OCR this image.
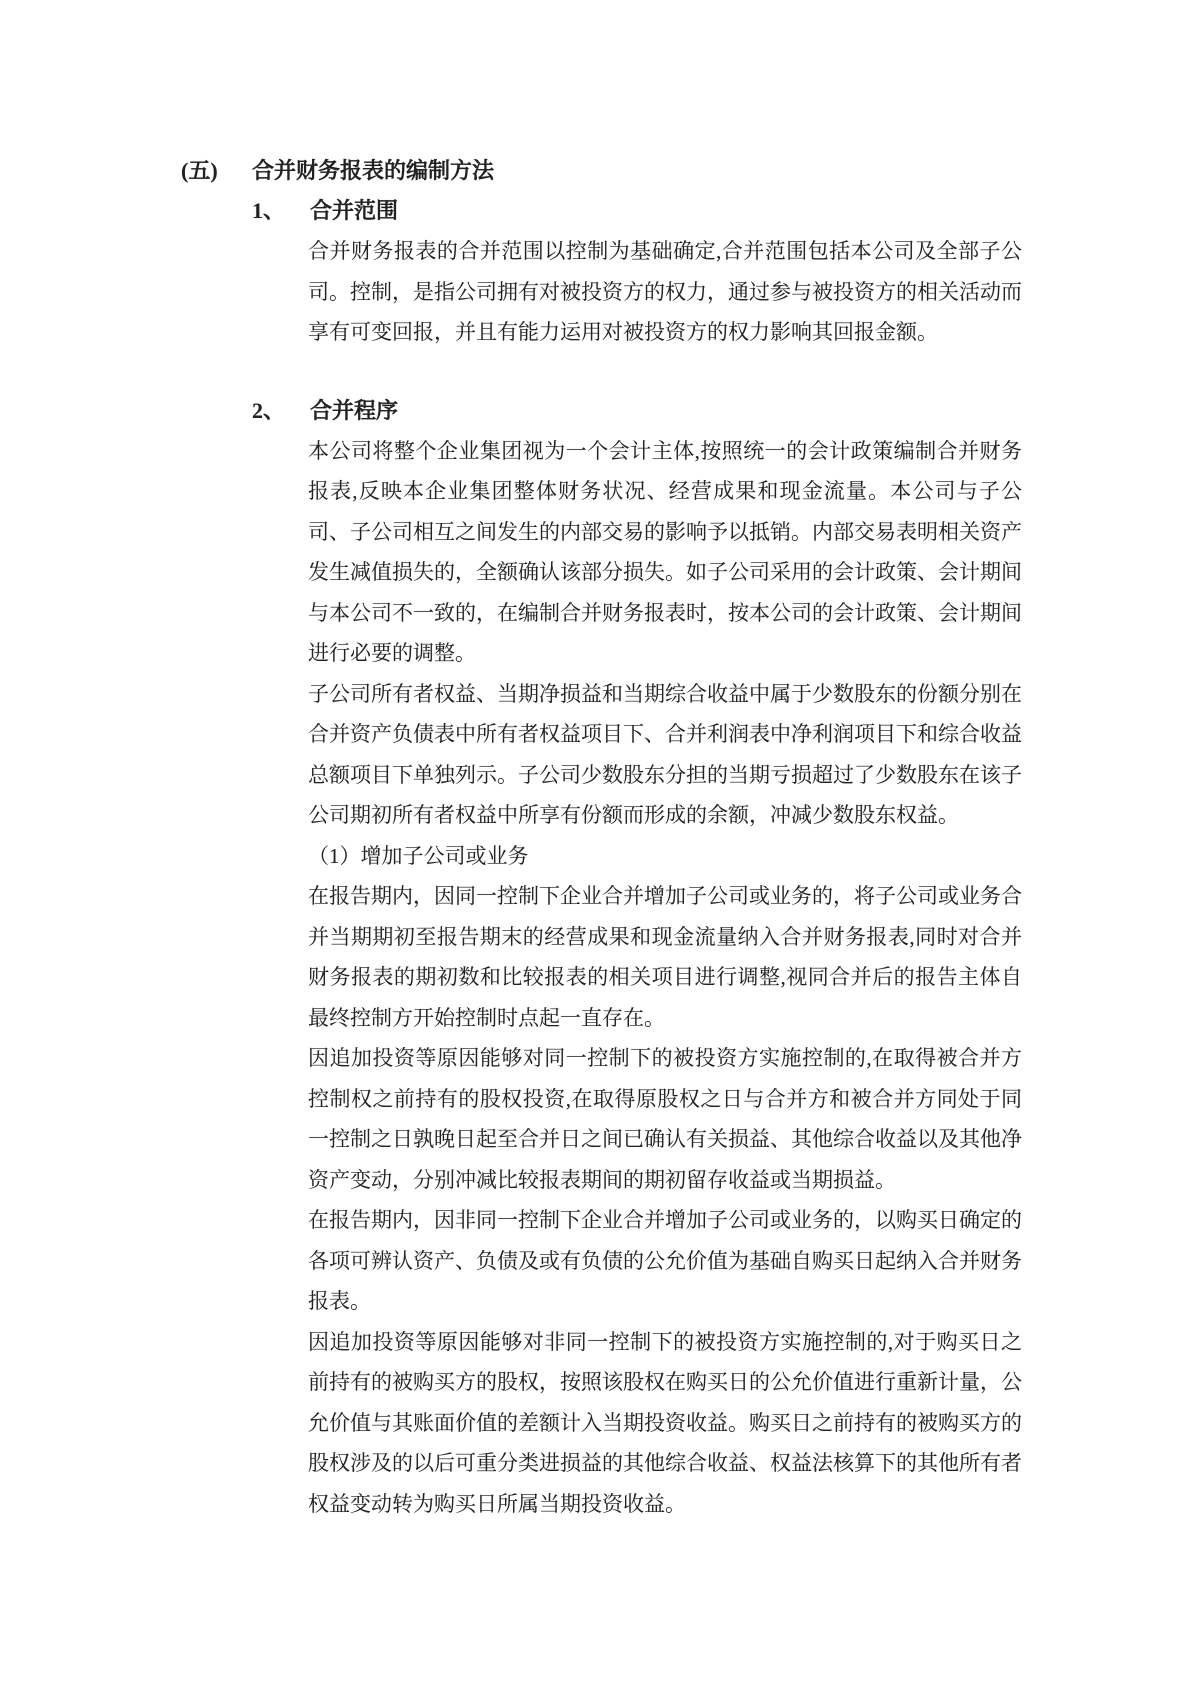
(五)	合并财务报表的编制方法
1、	合并范围

合并财务报表的合并范围以控制为基础确定,合并范围包括本公司及全部子公司。控制，是指公司拥有对被投资方的权力，通过参与被投资方的相关活动而享有可变回报，并且有能力运用对被投资方的权力影响其回报金额。

2、	合并程序

本公司将整个企业集团视为一个会计主体,按照统一的会计政策编制合并财务报表,反映本企业集团整体财务状况、经营成果和现金流量。本公司与子公司、子公司相互之间发生的内部交易的影响予以抵销。内部交易表明相关资产发生减值损失的，全额确认该部分损失。如子公司采用的会计政策、会计期间与本公司不一致的，在编制合并财务报表时，按本公司的会计政策、会计期间进行必要的调整。

子公司所有者权益、当期净损益和当期综合收益中属于少数股东的份额分别在合并资产负债表中所有者权益项目下、合并利润表中净利润项目下和综合收益总额项目下单独列示。子公司少数股东分担的当期亏损超过了少数股东在该子公司期初所有者权益中所享有份额而形成的余额，冲减少数股东权益。

（1）增加子公司或业务

在报告期内，因同一控制下企业合并增加子公司或业务的，将子公司或业务合并当期期初至报告期末的经营成果和现金流量纳入合并财务报表,同时对合并财务报表的期初数和比较报表的相关项目进行调整,视同合并后的报告主体自最终控制方开始控制时点起一直存在。

因追加投资等原因能够对同一控制下的被投资方实施控制的,在取得被合并方控制权之前持有的股权投资,在取得原股权之日与合并方和被合并方同处于同一控制之日孰晚日起至合并日之间已确认有关损益、其他综合收益以及其他净资产变动，分别冲减比较报表期间的期初留存收益或当期损益。

在报告期内，因非同一控制下企业合并增加子公司或业务的，以购买日确定的各项可辨认资产、负债及或有负债的公允价值为基础自购买日起纳入合并财务报表。

因追加投资等原因能够对非同一控制下的被投资方实施控制的,对于购买日之前持有的被购买方的股权，按照该股权在购买日的公允价值进行重新计量，公允价值与其账面价值的差额计入当期投资收益。购买日之前持有的被购买方的股权涉及的以后可重分类进损益的其他综合收益、权益法核算下的其他所有者权益变动转为购买日所属当期投资收益。
